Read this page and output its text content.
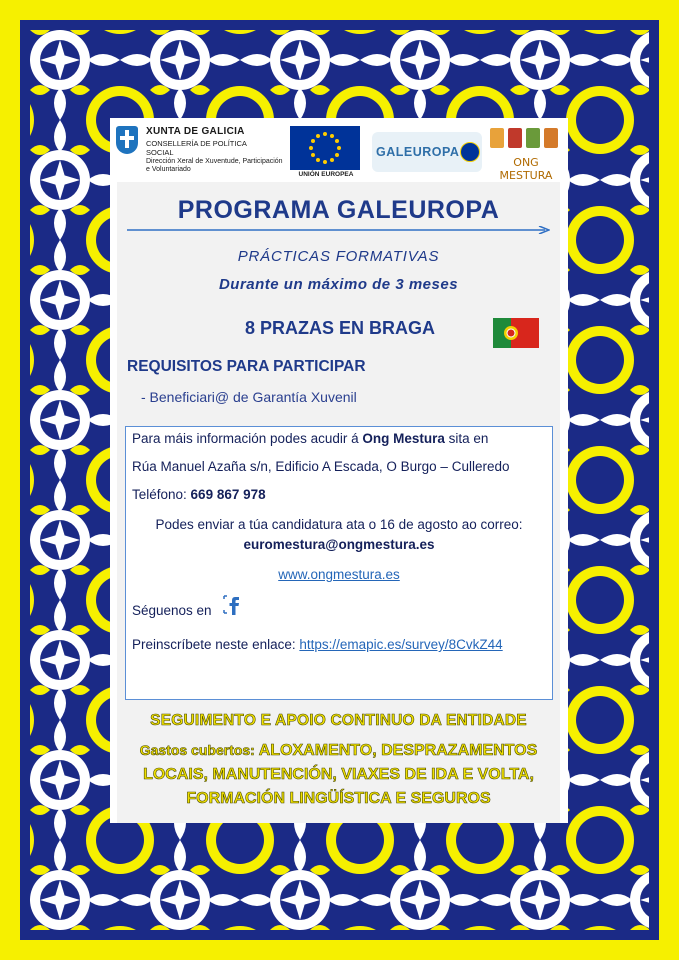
XUNTA DE GALICIA
CONSELLERÍA DE POLÍTICA SOCIAL
Dirección Xeral de Xuventude, Participación e Voluntariado
UNIÓN EUROPEA
GALEUROPA
ONG MESTURA
PROGRAMA GALEUROPA
PRÁCTICAS FORMATIVAS
Durante un máximo de 3 meses
8 PRAZAS EN BRAGA
REQUISITOS PARA PARTICIPAR
- Beneficiari@ de Garantía Xuvenil
Para máis información podes acudir á Ong Mestura sita en
Rúa Manuel Azaña s/n, Edificio A Escada, O Burgo – Culleredo
Teléfono: 669 867 978
Podes enviar a túa candidatura ata o 16 de agosto ao correo:
euromestura@ongmestura.es
www.ongmestura.es
Séguenos en
Preinscríbete neste enlace: https://emapic.es/survey/8CvkZ44
SEGUIMENTO E APOIO CONTINUO DA ENTIDADE
Gastos cubertos: ALOXAMENTO, DESPRAZAMENTOS
LOCAIS, MANUTENCIÓN, VIAXES DE IDA E VOLTA,
FORMACIÓN LINGÜÍSTICA E SEGUROS
